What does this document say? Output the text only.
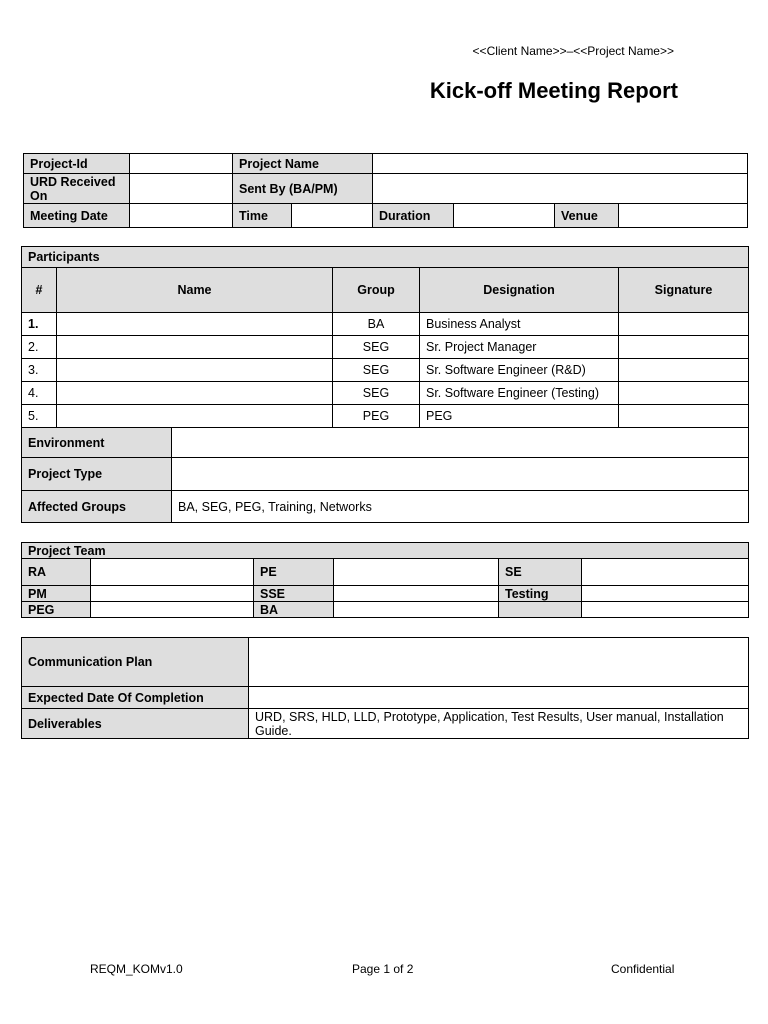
<<Client Name>>–<<Project Name>>
Kick-off Meeting Report
Project-Id		Project Name					
URD Received On		Sent By (BA/PM)					
Meeting Date		Time		Duration		Venue	
Participants					
#	Name		Group	Designation	Signature
1.			BA	Business Analyst	
2.			SEG	Sr. Project Manager	
3.			SEG	Sr. Software Engineer (R&D)	
4.			SEG	Sr. Software Engineer (Testing)	
5.			PEG	PEG	
Environment					
Project Type					
Affected Groups		BA, SEG, PEG, Training, Networks			
Project Team					
RA		PE		SE	
PM		SSE		Testing	
PEG		BA			
Communication Plan	
Expected Date Of Completion	
Deliverables	URD, SRS, HLD, LLD, Prototype, Application, Test Results, User manual, Installation Guide.
REQM_KOMv1.0	Page 1 of 2	Confidential
